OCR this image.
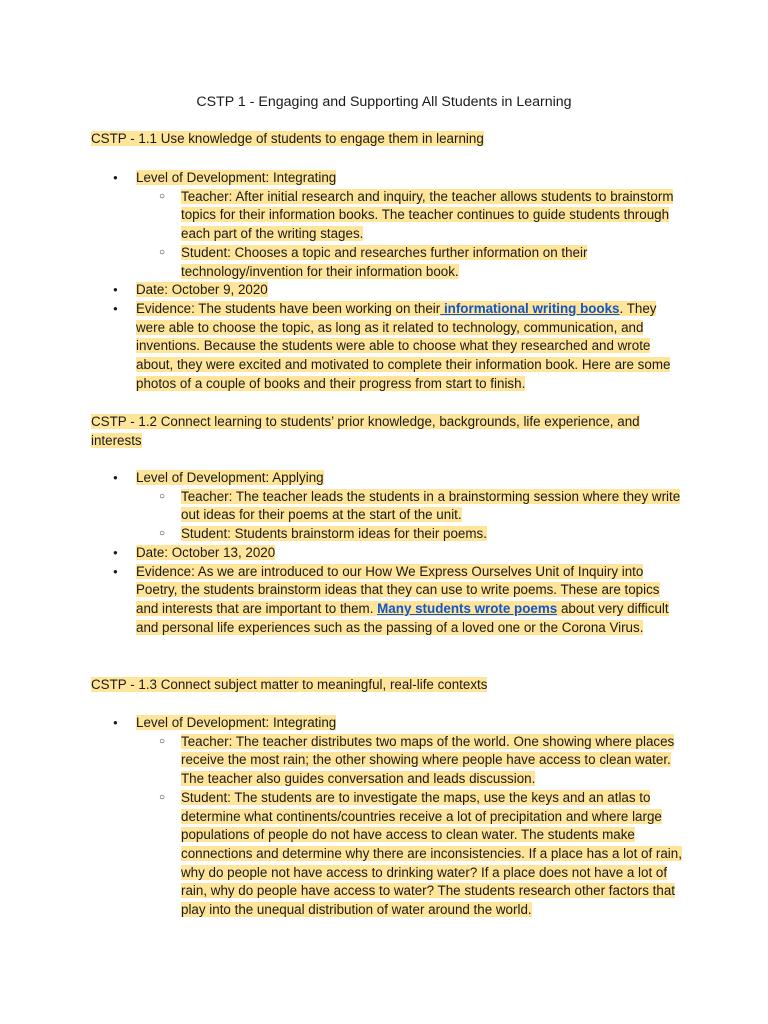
CSTP 1 - Engaging and Supporting All Students in Learning
CSTP - 1.1 Use knowledge of students to engage them in learning
● Level of Development: Integrating
○ Teacher: After initial research and inquiry, the teacher allows students to brainstorm topics for their information books. The teacher continues to guide students through each part of the writing stages.
○ Student: Chooses a topic and researches further information on their technology/invention for their information book.
● Date: October 9, 2020
● Evidence: The students have been working on their informational writing books. They were able to choose the topic, as long as it related to technology, communication, and inventions. Because the students were able to choose what they researched and wrote about, they were excited and motivated to complete their information book. Here are some photos of a couple of books and their progress from start to finish.
CSTP - 1.2 Connect learning to students’ prior knowledge, backgrounds, life experience, and interests
● Level of Development: Applying
○ Teacher: The teacher leads the students in a brainstorming session where they write out ideas for their poems at the start of the unit.
○ Student: Students brainstorm ideas for their poems.
● Date: October 13, 2020
● Evidence: As we are introduced to our How We Express Ourselves Unit of Inquiry into Poetry, the students brainstorm ideas that they can use to write poems. These are topics and interests that are important to them. Many students wrote poems about very difficult and personal life experiences such as the passing of a loved one or the Corona Virus.
CSTP - 1.3 Connect subject matter to meaningful, real-life contexts
● Level of Development: Integrating
○ Teacher: The teacher distributes two maps of the world. One showing where places receive the most rain; the other showing where people have access to clean water. The teacher also guides conversation and leads discussion.
○ Student: The students are to investigate the maps, use the keys and an atlas to determine what continents/countries receive a lot of precipitation and where large populations of people do not have access to clean water. The students make connections and determine why there are inconsistencies. If a place has a lot of rain, why do people not have access to drinking water? If a place does not have a lot of rain, why do people have access to water? The students research other factors that play into the unequal distribution of water around the world.
